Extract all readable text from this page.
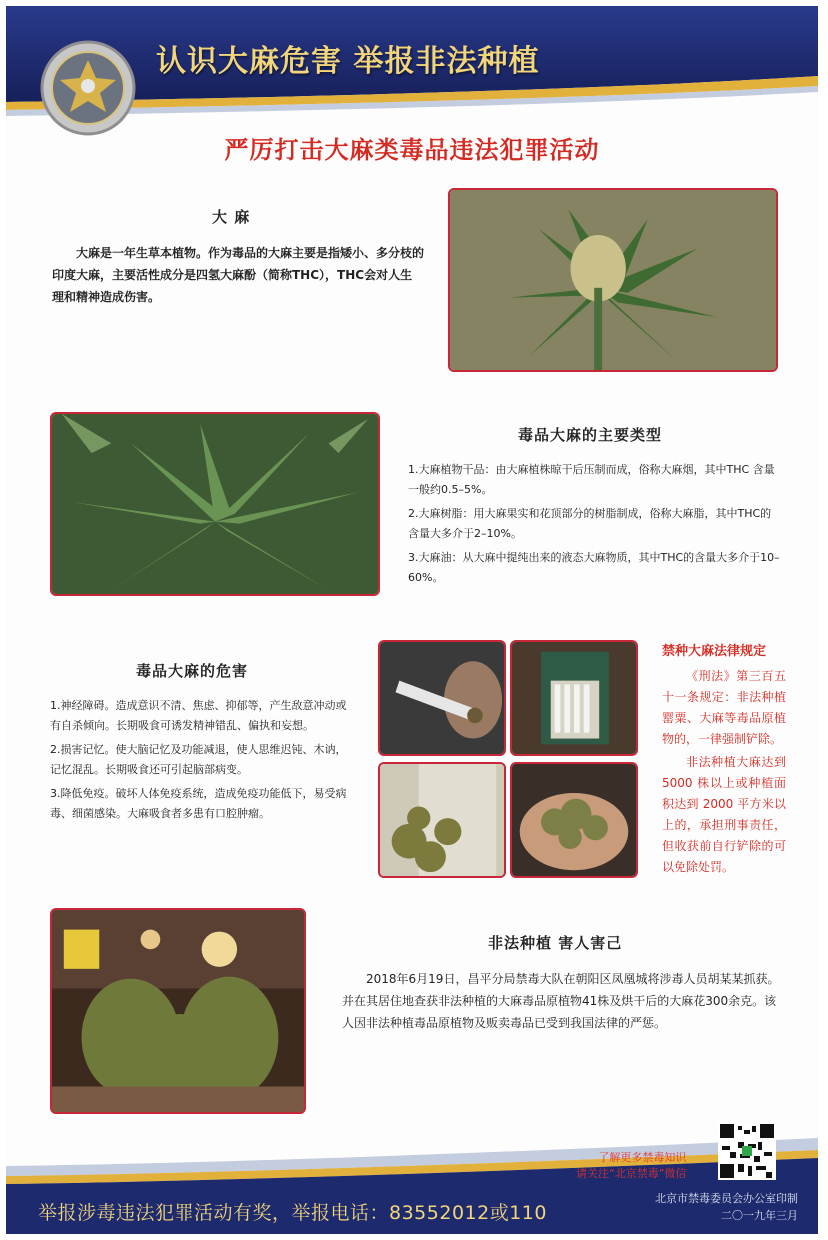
认识大麻危害 举报非法种植
严厉打击大麻类毒品违法犯罪活动
大 麻
大麻是一年生草本植物。作为毒品的大麻主要是指矮小、多分枝的印度大麻，主要活性成分是四氢大麻酚（简称THC），THC会对人生理和精神造成伤害。
毒品大麻的主要类型
1.大麻植物干品：由大麻植株晾干后压制而成，俗称大麻烟，其中THC 含量一般约0.5–5%。
2.大麻树脂：用大麻果实和花顶部分的树脂制成，俗称大麻脂，其中THC的含量大多介于2–10%。
3.大麻油：从大麻中提纯出来的液态大麻物质，其中THC的含量大多介于10–60%。
毒品大麻的危害
1.神经障碍。造成意识不清、焦虑、抑郁等，产生敌意冲动或有自杀倾向。长期吸食可诱发精神错乱、偏执和妄想。
2.损害记忆。使大脑记忆及功能减退，使人思维迟钝、木讷，记忆混乱。长期吸食还可引起脑部病变。
3.降低免疫。破坏人体免疫系统，造成免疫功能低下，易受病毒、细菌感染。大麻吸食者多患有口腔肿瘤。
禁种大麻法律规定

《刑法》第三百五十一条规定：非法种植罂粟、大麻等毒品原植物的，一律强制铲除。

非法种植大麻达到 5000 株以上或种植面积达到 2000 平方米以上的，承担刑事责任，但收获前自行铲除的可以免除处罚。

非法种植 害人害己
2018年6月19日，昌平分局禁毒大队在朝阳区凤凰城将涉毒人员胡某某抓获。并在其居住地查获非法种植的大麻毒品原植物41株及烘干后的大麻花300余克。该人因非法种植毒品原植物及贩卖毒品已受到我国法律的严惩。
了解更多禁毒知识
请关注“北京禁毒”微信
举报涉毒违法犯罪活动有奖，举报电话：83552012或110
北京市禁毒委员会办公室印制
二〇一九年三月
